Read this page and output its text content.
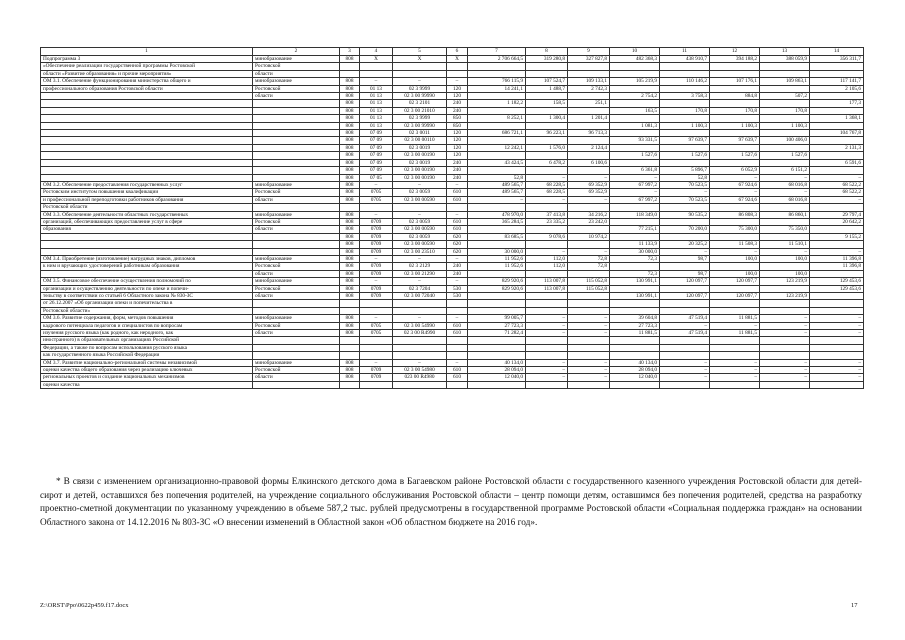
1	2	3	4	5	6	7	8	9	10	11	12	13	14
Подпрограмма 3	минобразование	808	X	X	X	2 706 664,5	319 280,8	327 827,8	482 368,3	438 910,7	394 188,2	388 059,9	356 311,7
«Обеспечение реализации государственной программы Ростовской	Ростовской												
области «Развитие образования» и прочие мероприятия»	области												
ОМ 3.1. Обеспечение функционирования министерства общего и	минобразование	808	–	–	–	766 115,9	107 524,7	109 133,1	105 219,9	110 146,2	107 176,1	109 863,1	117 141,7
профессионального образования Ростовской области	Ростовской	808	01 13	02 3 9999	120	14 241,1	1 488,7	2 742,3					2 105,6
	области	808	01 13	02 3 00 99990	120				2 754,2	3 758,3	884,8	507,2	
		808	01 13	02 3 2101	240	1 182,2	158,5	251,1					177,3
		808	01 13	02 3 00 21010	240				163,5	170,8	170,8	170,8	
		808	01 13	02 3 9999	850	8 252,1	1 300,4	1 201,4					1 368,1
		808	01 13	02 3 00 99990	850				1 081,3	1 100,3	1 100,3	1 100,3	
		808	07 09	02 3 0011	120	686 721,1	96 223,1	96 713,3					104 767,8
		808	07 09	02 3 00 00110	120				93 331,5	97 639,7	97 639,7	100 406,0	
		808	07 09	02 3 0019	120	12 242,1	1 576,0	2 124,4					2 131,3
		808	07 09	02 3 00 00190	120				1 527,6	1 527,6	1 527,6	1 527,6	
		808	07 09	02 3 0019	240	43 424,5	6 478,2	6 100,6					6 591,6
		808	07 09	02 3 00 00190	240				6 361,8	5 896,7	6 052,9	6 151,2	
		808	07 05	02 3 00 00190	240	52,8	–	–	–	52,8	–	–	–
ОМ 3.2. Обеспечение предоставления государственных услуг	минобразование	808	–	–	–	489 565,7	68 228,5	69 352,9	67 997,2	70 523,5	67 924,6	68 016,8	68 522,2
Ростовским институтом повышения квалификации	Ростовской	808	0705	02 3 0059	610	489 565,7	68 228,5	69 352,9	–	–	–	–	68 522,2
и профессиональной переподготовки работников образования	области	808	0705	02 3 00 00590	610	–	–	–	67 997,2	70 523,5	67 924,6	68 016,8	–
Ростовской области													
ОМ 3.3. Обеспечение деятельности областных государственных	минобразование	808	–	–	–	478 970,0	37 413,8	34 216,2	118 349,0	90 535,2	86 808,3	86 860,1	29 797,4
организаций, обеспечивающих предоставление услуг в сфере	Ростовской	808	0709	02 3 0059	610	365 284,5	23 335,2	23 242,0					20 642,2
образования	области	808	0709	02 3 00 00590	610				77 215,1	70 200,0	75 300,0	75 350,0	
		808	0709	02 3 0059	620	83 685,5	9 078,6	10 974,2					9 155,2
		808	0709	02 3 00 00590	620				11 133,9	20 325,2	11 508,3	11 510,1	
		808	0709	02 3 00 23510	620	30 000,0	–	–	30 000,0	–	–	–	–
ОМ 3.4. Приобретение (изготовление) нагрудных знаков, дипломов	минобразование	808	–	–	–	11 952,6	112,0	72,8	72,3	98,7	100,0	100,0	11 396,8
к ним и вручающих удостоверений работникам образования	Ростовской	808	0709	02 3 2129	240	11 952,6	112,0	72,8					11 396,8
	области	808	0709	02 3 00 21290	240				72,3	98,7	100,0	100,0	
ОМ 3.5. Финансовое обеспечение осуществления полномочий по	минобразование	808	–	–	–	829 920,6	113 007,8	115 052,8	130 991,1	120 097,7	120 097,7	123 219,9	129 453,6
организации и осуществлению деятельности по опеке и попечи-	Ростовской	808	0709	02 3 7204	530	829 920,6	113 007,8	115 052,8					129 453,6
тельству в соответствии со статьей 6 Областного закона № 830-ЗС	области	808	0709	02 3 00 72040	530				130 991,1	120 097,7	120 097,7	123 219,9	
от 26.12.2007 «Об организации опеки и попечительства в													
Ростовской области»													
ОМ 3.6. Развитие содержания, форм, методов повышения	минобразование	808	–	–	–	99 005,7	–	–	39 604,8	47 519,4	11 881,5	–	–
кадрового потенциала педагогов и специалистов по вопросам	Ростовской	808	0705	02 3 00 54990	610	27 723,3	–	–	27 723,3	–	–	–	–
изучения русского языка (как родного, как неродного, как	области	808	0705	02 3 00 R4990	610	71 282,4	–	–	11 881,5	47 519,4	11 881,5	–	–
иностранного) в образовательных организациях Российской													
Федерации, а также по вопросам использования русского языка													
как государственного языка Российской Федерации													
ОМ 3.7. Развитие национально-региональной системы независимой	минобразование	808	–	–	–	40 134,0	–	–	40 134,0	–	–	–	–
оценки качества общего образования через реализацию ключевых	Ростовской	808	0709	02 3 00 54980	610	28 094,0	–	–	28 094,0	–	–	–	–
региональных проектов и создание национальных механизмов	области	808	0709	023 00 R4980	610	12 040,0	–	–	12 040,0	–	–	–	–
оценки качества													

* В связи с изменением организационно-правовой формы Елкинского детского дома в Багаевском районе Ростовской области с государственного казенного учреждения Ростовской области для детей-сирот и детей, оставшихся без попечения родителей, на учреждение социального обслуживания Ростовской области – центр помощи детям, оставшимся без попечения родителей, средства на разработку проектно-сметной документации по указанному учреждению в объеме 587,2 тыс. рублей предусмотрены в государственной программе Ростовской области «Социальная поддержка граждан» на основании Областного закона от 14.12.2016 № 803-ЗС «О внесении изменений в Областной закон «Об областном бюджете на 2016 год».

Z:\ORST\Ppo\0622p459.f17.docx	17
